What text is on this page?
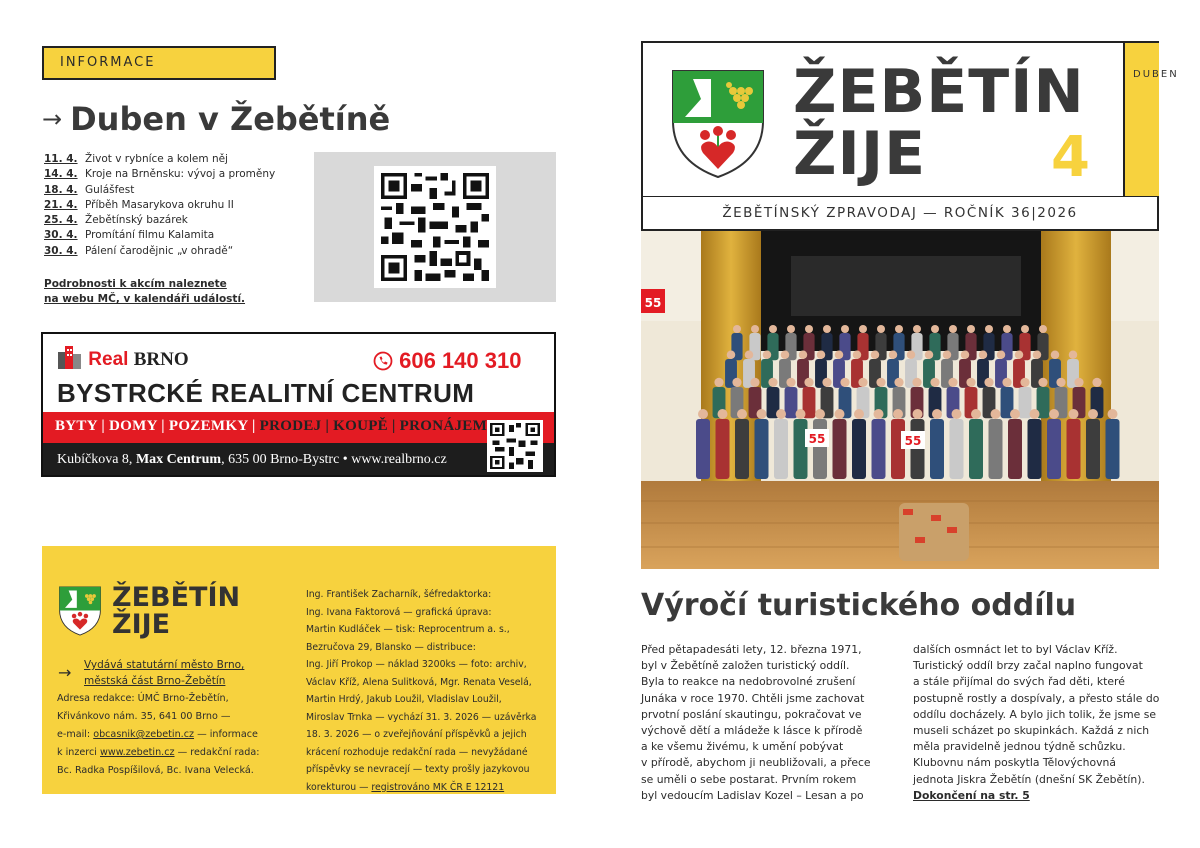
INFORMACE
→ Duben v Žebětíně
11. 4. Život v rybníce a kolem něj
14. 4. Kroje na Brněnsku: vývoj a proměny
18. 4. Gulášfest
21. 4. Příběh Masarykova okruhu II
25. 4. Žebětínský bazárek
30. 4. Promítání filmu Kalamita
30. 4. Pálení čarodějnic „v ohradě“
Podrobnosti k akcím naleznete
na webu MČ, v kalendáři událostí.
Real BRNO	606 140 310
BYSTRCKÉ REALITNÍ CENTRUM
BYTY | DOMY | POZEMKY | PRODEJ | KOUPĚ | PRONÁJEM
Kubíčkova 8, Max Centrum, 635 00 Brno-Bystrc • www.realbrno.cz
ŽEBĚTÍN
ŽIJE
→ Vydává statutární město Brno,
městská část Brno-Žebětín
Adresa redakce: ÚMČ Brno-Žebětín,
Křivánkovo nám. 35, 641 00 Brno —
e-mail: obcasnik@zebetin.cz — informace
k inzerci www.zebetin.cz — redakční rada:
Bc. Radka Pospíšilová, Bc. Ivana Velecká.
Ing. František Zacharník, šéfredaktorka:
Ing. Ivana Faktorová — grafická úprava:
Martin Kudláček — tisk: Reprocentrum a. s.,
Bezručova 29, Blansko — distribuce:
Ing. Jiří Prokop — náklad 3200ks — foto: archiv,
Václav Kříž, Alena Sulitková, Mgr. Renata Veselá,
Martin Hrdý, Jakub Loužil, Vladislav Loužil,
Miroslav Trnka — vychází 31. 3. 2026 — uzávěrka
18. 3. 2026 — o zveřejňování příspěvků a jejich
krácení rozhoduje redakční rada — nevyžádané
příspěvky se nevracejí — texty prošly jazykovou
korekturou — registrováno MK ČR E 12121
ŽEBĚTÍN
ŽIJE	4
DUBEN
ŽEBĚTÍNSKÝ ZPRAVODAJ — ROČNÍK 36|2026
55	55
55
Výročí turistického oddílu
Před pětapadesáti lety, 12. března 1971,
byl v Žebětíně založen turistický oddíl.
Byla to reakce na nedobrovolné zrušení
Junáka v roce 1970. Chtěli jsme zachovat
prvotní poslání skautingu, pokračovat ve
výchově dětí a mládeže k lásce k přírodě
a ke všemu živému, k umění pobývat
v přírodě, abychom ji neubližovali, a přece
se uměli o sebe postarat. Prvním rokem
byl vedoucím Ladislav Kozel – Lesan a po
dalších osmnáct let to byl Václav Kříž.
Turistický oddíl brzy začal naplno fungovat
a stále přijímal do svých řad děti, které
postupně rostly a dospívaly, a přesto stále do
oddílu docházely. A bylo jich tolik, že jsme se
museli scházet po skupinkách. Každá z nich
měla pravidelně jednou týdně schůzku.
Klubovnu nám poskytla Tělovýchovná
jednota Jiskra Žebětín (dnešní SK Žebětín).
Dokončení na str. 5
